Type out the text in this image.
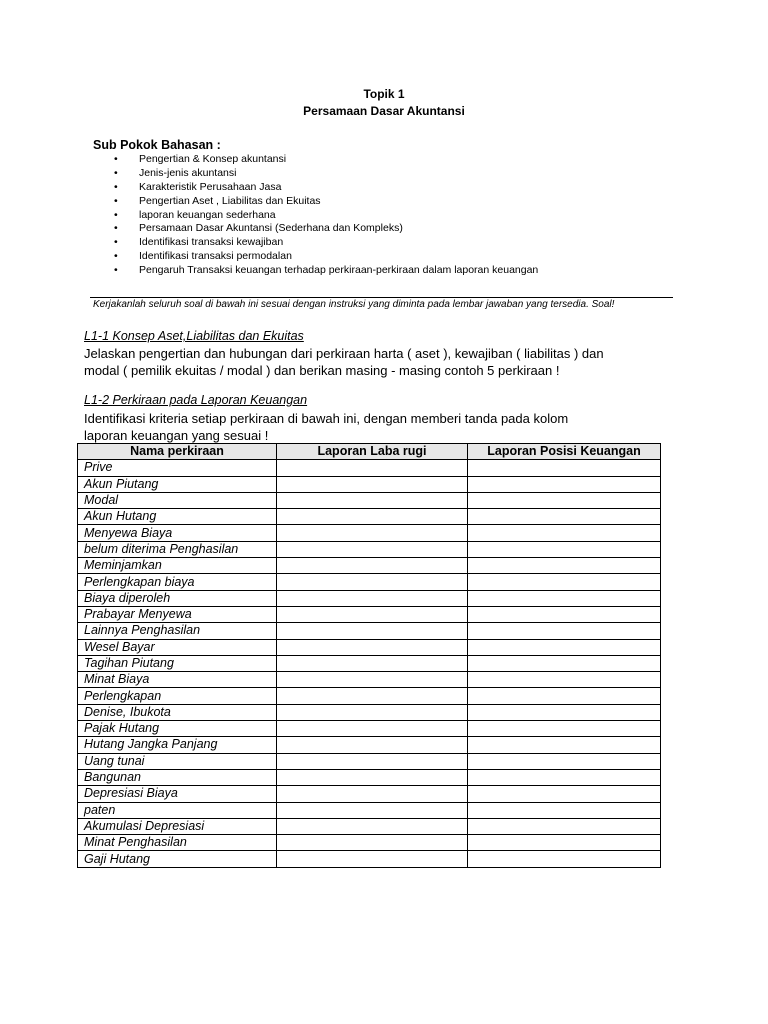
Topik 1
Persamaan Dasar Akuntansi
Sub Pokok Bahasan :
• Pengertian & Konsep akuntansi
• Jenis-jenis akuntansi
• Karakteristik Perusahaan Jasa
• Pengertian Aset , Liabilitas dan Ekuitas
• laporan keuangan sederhana
• Persamaan Dasar Akuntansi (Sederhana dan Kompleks)
• Identifikasi transaksi kewajiban
• Identifikasi transaksi permodalan
• Pengaruh Transaksi keuangan terhadap perkiraan-perkiraan dalam laporan keuangan
Kerjakanlah seluruh soal di bawah ini sesuai dengan instruksi yang diminta pada lembar jawaban yang tersedia. Soal!
L1-1 Konsep Aset,Liabilitas dan Ekuitas
Jelaskan pengertian dan hubungan dari perkiraan harta ( aset ), kewajiban ( liabilitas ) dan
modal ( pemilik ekuitas / modal ) dan berikan masing - masing contoh 5 perkiraan !
L1-2 Perkiraan pada Laporan Keuangan
Identifikasi kriteria setiap perkiraan di bawah ini, dengan memberi tanda pada kolom
laporan keuangan yang sesuai !
Nama perkiraan	Laporan Laba rugi	Laporan Posisi Keuangan
Prive		
Akun Piutang		
Modal		
Akun Hutang		
Menyewa Biaya		
belum diterima Penghasilan		
Meminjamkan		
Perlengkapan biaya		
Biaya diperoleh		
Prabayar Menyewa		
Lainnya Penghasilan		
Wesel Bayar		
Tagihan Piutang		
Minat Biaya		
Perlengkapan		
Denise, Ibukota		
Pajak Hutang		
Hutang Jangka Panjang		
Uang tunai		
Bangunan		
Depresiasi Biaya		
paten		
Akumulasi Depresiasi		
Minat Penghasilan		
Gaji Hutang		
